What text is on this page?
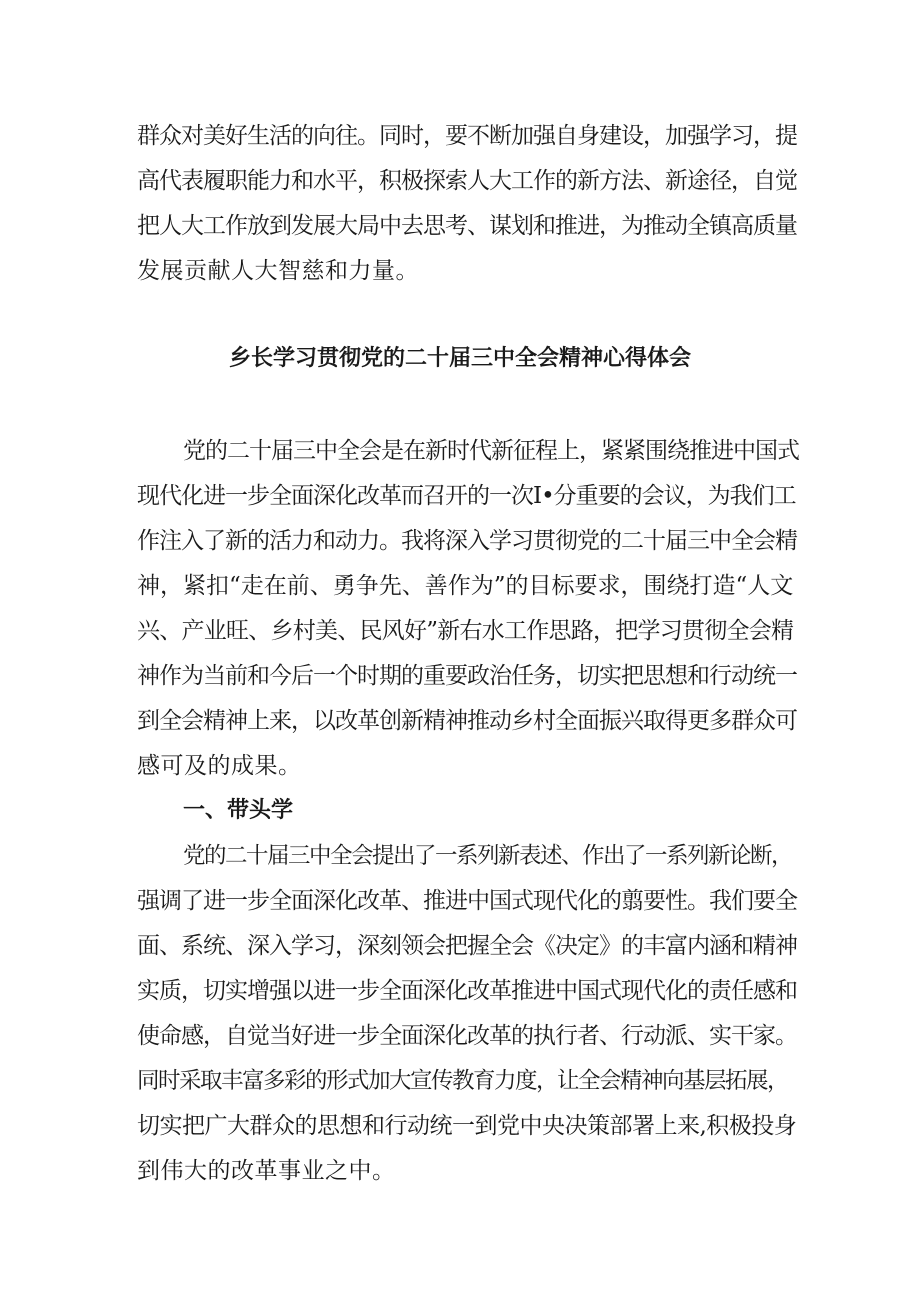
群众对美好生活的向往。同时，要不断加强自身建设，加强学习，提
高代表履职能力和水平，积极探索人大工作的新方法、新途径，自觉
把人大工作放到发展大局中去思考、谋划和推进，为推动全镇高质量
发展贡献人大智慈和力量。
乡长学习贯彻党的二十届三中全会精神心得体会
党的二十届三中全会是在新时代新征程上，紧紧围绕推进中国式
现代化进一步全面深化改革而召开的一次I•分重要的会议，为我们工
作注入了新的活力和动力。我将深入学习贯彻党的二十届三中全会精
神，紧扣“走在前、勇争先、善作为”的目标要求，围绕打造“人文
兴、产业旺、乡村美、民风好”新右水工作思路，把学习贯彻全会精
神作为当前和今后一个时期的重要政治任务，切实把思想和行动统一
到全会精神上来，以改革创新精神推动乡村全面振兴取得更多群众可
感可及的成果。
一、带头学
党的二十届三中全会提出了一系列新表述、作出了一系列新论断，
强调了进一步全面深化改革、推进中国式现代化的翦要性。我们要全
面、系统、深入学习，深刻领会把握全会《决定》的丰富内涵和精神
实质，切实增强以进一步全面深化改革推进中国式现代化的责任感和
使命感，自觉当好进一步全面深化改革的执行者、行动派、实干家。
同时采取丰富多彩的形式加大宣传教育力度，让全会精神向基层拓展，
切实把广大群众的思想和行动统一到党中央决策部署上来,积极投身
到伟大的改革事业之中。
